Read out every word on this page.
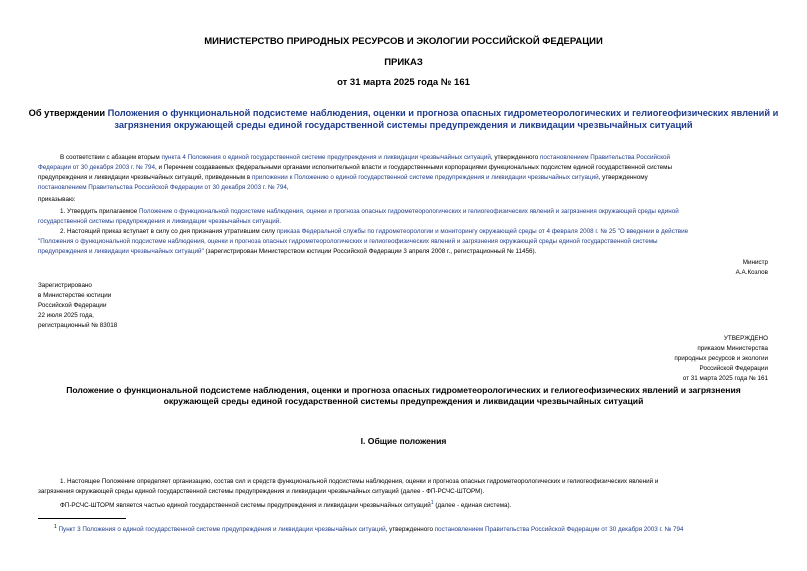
МИНИСТЕРСТВО ПРИРОДНЫХ РЕСУРСОВ И ЭКОЛОГИИ РОССИЙСКОЙ ФЕДЕРАЦИИ
ПРИКАЗ
от 31 марта 2025 года № 161
Об утверждении Положения о функциональной подсистеме наблюдения, оценки и прогноза опасных гидрометеорологических и гелиогеофизических явлений и
загрязнения окружающей среды единой государственной системы предупреждения и ликвидации чрезвычайных ситуаций
В соответствии с абзацем вторым пункта 4 Положения о единой государственной системе предупреждения и ликвидации чрезвычайных ситуаций, утвержденного постановлением Правительства Российской
Федерации от 30 декабря 2003 г. № 794, и Перечнем создаваемых федеральными органами исполнительной власти и государственными корпорациями функциональных подсистем единой государственной системы
предупреждения и ликвидации чрезвычайных ситуаций, приведенным в приложении к Положению о единой государственной системе предупреждения и ликвидации чрезвычайных ситуаций, утвержденному
постановлением Правительства Российской Федерации от 30 декабря 2003 г. № 794,
приказываю:
1. Утвердить прилагаемое Положение о функциональной подсистеме наблюдения, оценки и прогноза опасных гидрометеорологических и гелиогеофизических явлений и загрязнения окружающей среды единой
государственной системы предупреждения и ликвидации чрезвычайных ситуаций.
2. Настоящий приказ вступает в силу со дня признания утратившим силу приказа Федеральной службы по гидрометеорологии и мониторингу окружающей среды от 4 февраля 2008 г. № 25 "О введении в действие
"Положения о функциональной подсистеме наблюдения, оценки и прогноза опасных гидрометеорологических и гелиогеофизических явлений и загрязнения окружающей среды единой государственной системы
предупреждения и ликвидации чрезвычайных ситуаций" (зарегистрирован Министерством юстиции Российской Федерации 3 апреля 2008 г., регистрационный № 11456).
Министр
А.А.Козлов
Зарегистрировано
в Министерстве юстиции
Российской Федерации
22 июля 2025 года,
регистрационный № 83018
УТВЕРЖДЕНО
приказом Министерства
природных ресурсов и экологии
Российской Федерации
от 31 марта 2025 года № 161
Положение о функциональной подсистеме наблюдения, оценки и прогноза опасных гидрометеорологических и гелиогеофизических явлений и загрязнения
окружающей среды единой государственной системы предупреждения и ликвидации чрезвычайных ситуаций
I. Общие положения
1. Настоящее Положение определяет организацию, состав сил и средств функциональной подсистемы наблюдения, оценки и прогноза опасных гидрометеорологических и гелиогеофизических явлений и
загрязнения окружающей среды единой государственной системы предупреждения и ликвидации чрезвычайных ситуаций (далее - ФП-РСЧС-ШТОРМ).
ФП-РСЧС-ШТОРМ является частью единой государственной системы предупреждения и ликвидации чрезвычайных ситуаций$^1$ (далее - единая система).
$^1$ Пункт 3 Положения о единой государственной системе предупреждения и ликвидации чрезвычайных ситуаций, утвержденного постановлением Правительства Российской Федерации от 30 декабря 2003 г. № 794
